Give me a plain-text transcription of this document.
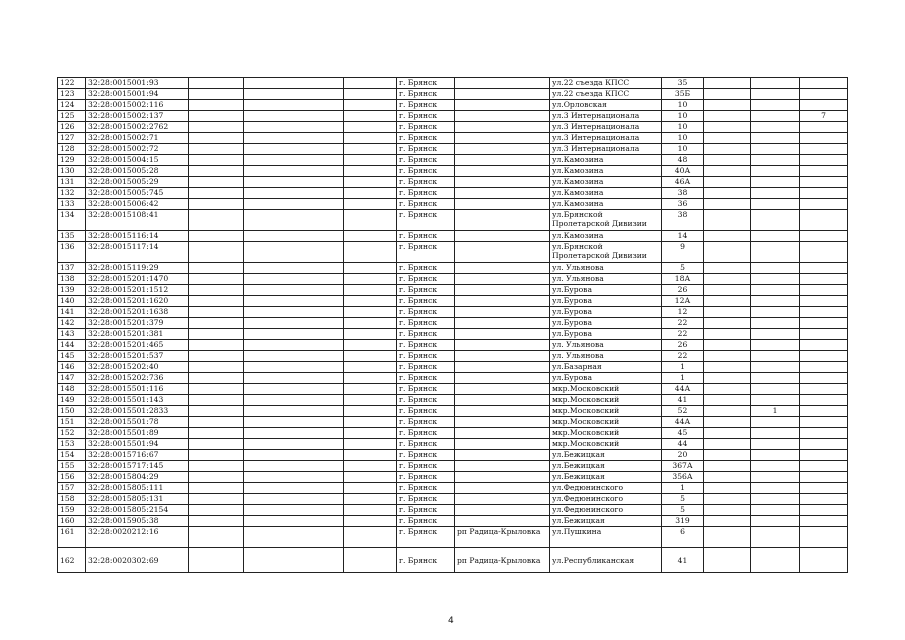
122	32:28:0015001:93				г. Брянск		ул.22 съезда КПСС	35			
123	32:28:0015001:94				г. Брянск		ул.22 съезда КПСС	35Б			
124	32:28:0015002:116				г. Брянск		ул.Орловская	10			
125	32:28:0015002:137				г. Брянск		ул.3 Интернационала	10			7
126	32:28:0015002:2762				г. Брянск		ул.3 Интернационала	10			
127	32:28:0015002:71				г. Брянск		ул.3 Интернационала	10			
128	32:28:0015002:72				г. Брянск		ул.3 Интернационала	10			
129	32:28:0015004:15				г. Брянск		ул.Камозина	48			
130	32:28:0015005:28				г. Брянск		ул.Камозина	40А			
131	32:28:0015005:29				г. Брянск		ул.Камозина	46А			
132	32:28:0015005:745				г. Брянск		ул.Камозина	38			
133	32:28:0015006:42				г. Брянск		ул.Камозина	36			
134	32:28:0015108:41				г. Брянск		ул.Брянской Пролетарской Дивизии	38			
135	32:28:0015116:14				г. Брянск		ул.Камозина	14			
136	32:28:0015117:14				г. Брянск		ул.Брянской Пролетарской Дивизии	9			
137	32:28:0015119:29				г. Брянск		ул. Ульянова	5			
138	32:28:0015201:1470				г. Брянск		ул. Ульянова	18А			
139	32:28:0015201:1512				г. Брянск		ул.Бурова	26			
140	32:28:0015201:1620				г. Брянск		ул.Бурова	12А			
141	32:28:0015201:1638				г. Брянск		ул.Бурова	12			
142	32:28:0015201:379				г. Брянск		ул.Бурова	22			
143	32:28:0015201:381				г. Брянск		ул.Бурова	22			
144	32:28:0015201:465				г. Брянск		ул. Ульянова	26			
145	32:28:0015201:537				г. Брянск		ул. Ульянова	22			
146	32:28:0015202:40				г. Брянск		ул.Базарная	1			
147	32:28:0015202:736				г. Брянск		ул.Бурова	1			
148	32:28:0015501:116				г. Брянск		мкр.Московский	44А			
149	32:28:0015501:143				г. Брянск		мкр.Московский	41			
150	32:28:0015501:2833				г. Брянск		мкр.Московский	52		1	
151	32:28:0015501:78				г. Брянск		мкр.Московский	44А			
152	32:28:0015501:89				г. Брянск		мкр.Московский	45			
153	32:28:0015501:94				г. Брянск		мкр.Московский	44			
154	32:28:0015716:67				г. Брянск		ул.Бежицкая	20			
155	32:28:0015717:145				г. Брянск		ул.Бежицкая	367А			
156	32:28:0015804:29				г. Брянск		ул.Бежицкая	356А			
157	32:28:0015805:111				г. Брянск		ул.Федюнинского	1			
158	32:28:0015805:131				г. Брянск		ул.Федюнинского	5			
159	32:28:0015805:2154				г. Брянск		ул.Федюнинского	5			
160	32:28:0015905:38				г. Брянск		ул.Бежицкая	319			
161	32:28:0020212:16				г. Брянск	рп Радица-Крыловка	ул.Пушкина	6			
162	32:28:0020302:69				г. Брянск	рп Радица-Крыловка	ул.Республиканская	41			
4
